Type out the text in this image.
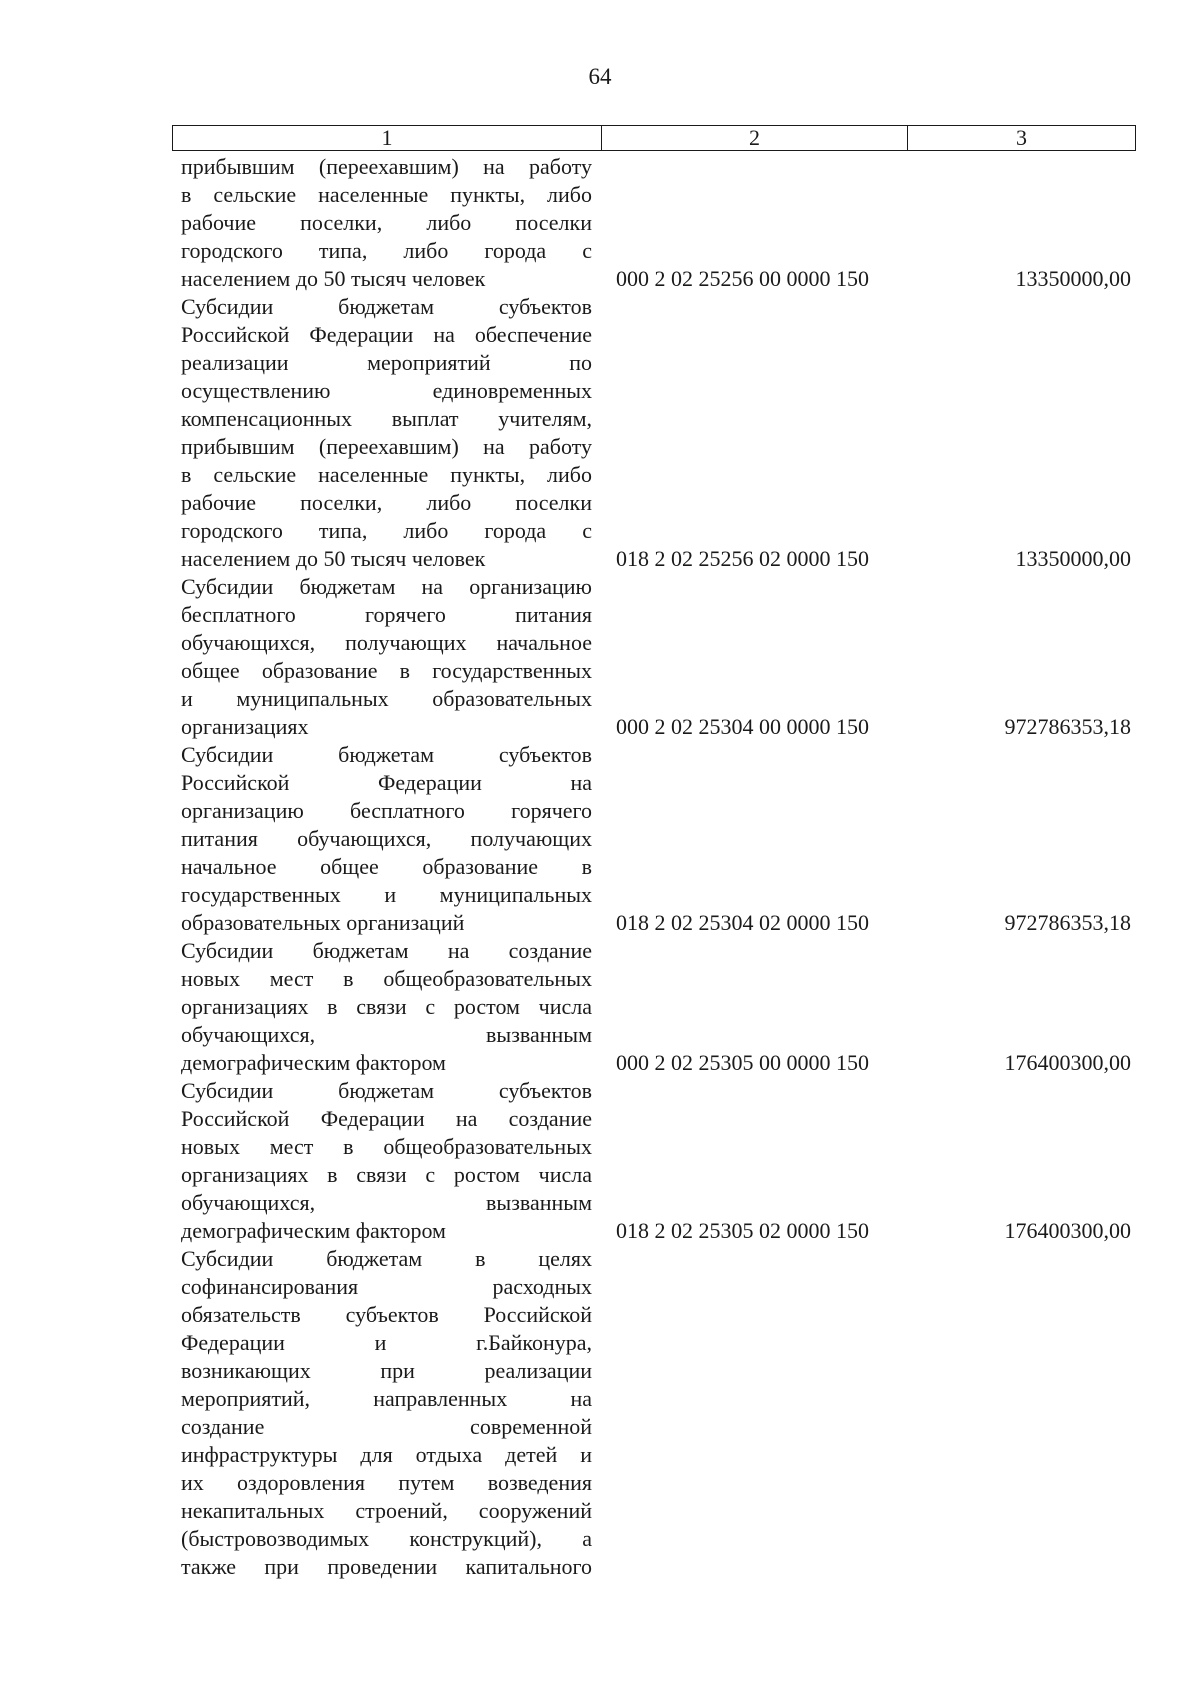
64
1	2	3
прибывшим (переехавшим) на работу
в сельские населенные пункты, либо
рабочие поселки, либо поселки
городского типа, либо города с
населением до 50 тысяч человек	000 2 02 25256 00 0000 150	13350000,00
Субсидии бюджетам субъектов
Российской Федерации на обеспечение
реализации мероприятий по
осуществлению единовременных
компенсационных выплат учителям,
прибывшим (переехавшим) на работу
в сельские населенные пункты, либо
рабочие поселки, либо поселки
городского типа, либо города с
населением до 50 тысяч человек	018 2 02 25256 02 0000 150	13350000,00
Субсидии бюджетам на организацию
бесплатного горячего питания
обучающихся, получающих начальное
общее образование в государственных
и муниципальных образовательных
организациях	000 2 02 25304 00 0000 150	972786353,18
Субсидии бюджетам субъектов
Российской Федерации на
организацию бесплатного горячего
питания обучающихся, получающих
начальное общее образование в
государственных и муниципальных
образовательных организаций	018 2 02 25304 02 0000 150	972786353,18
Субсидии бюджетам на создание
новых мест в общеобразовательных
организациях в связи с ростом числа
обучающихся, вызванным
демографическим фактором	000 2 02 25305 00 0000 150	176400300,00
Субсидии бюджетам субъектов
Российской Федерации на создание
новых мест в общеобразовательных
организациях в связи с ростом числа
обучающихся, вызванным
демографическим фактором	018 2 02 25305 02 0000 150	176400300,00
Субсидии бюджетам в целях
софинансирования расходных
обязательств субъектов Российской
Федерации и г.Байконура,
возникающих при реализации
мероприятий, направленных на
создание современной
инфраструктуры для отдыха детей и
их оздоровления путем возведения
некапитальных строений, сооружений
(быстровозводимых конструкций), а
также при проведении капитального
